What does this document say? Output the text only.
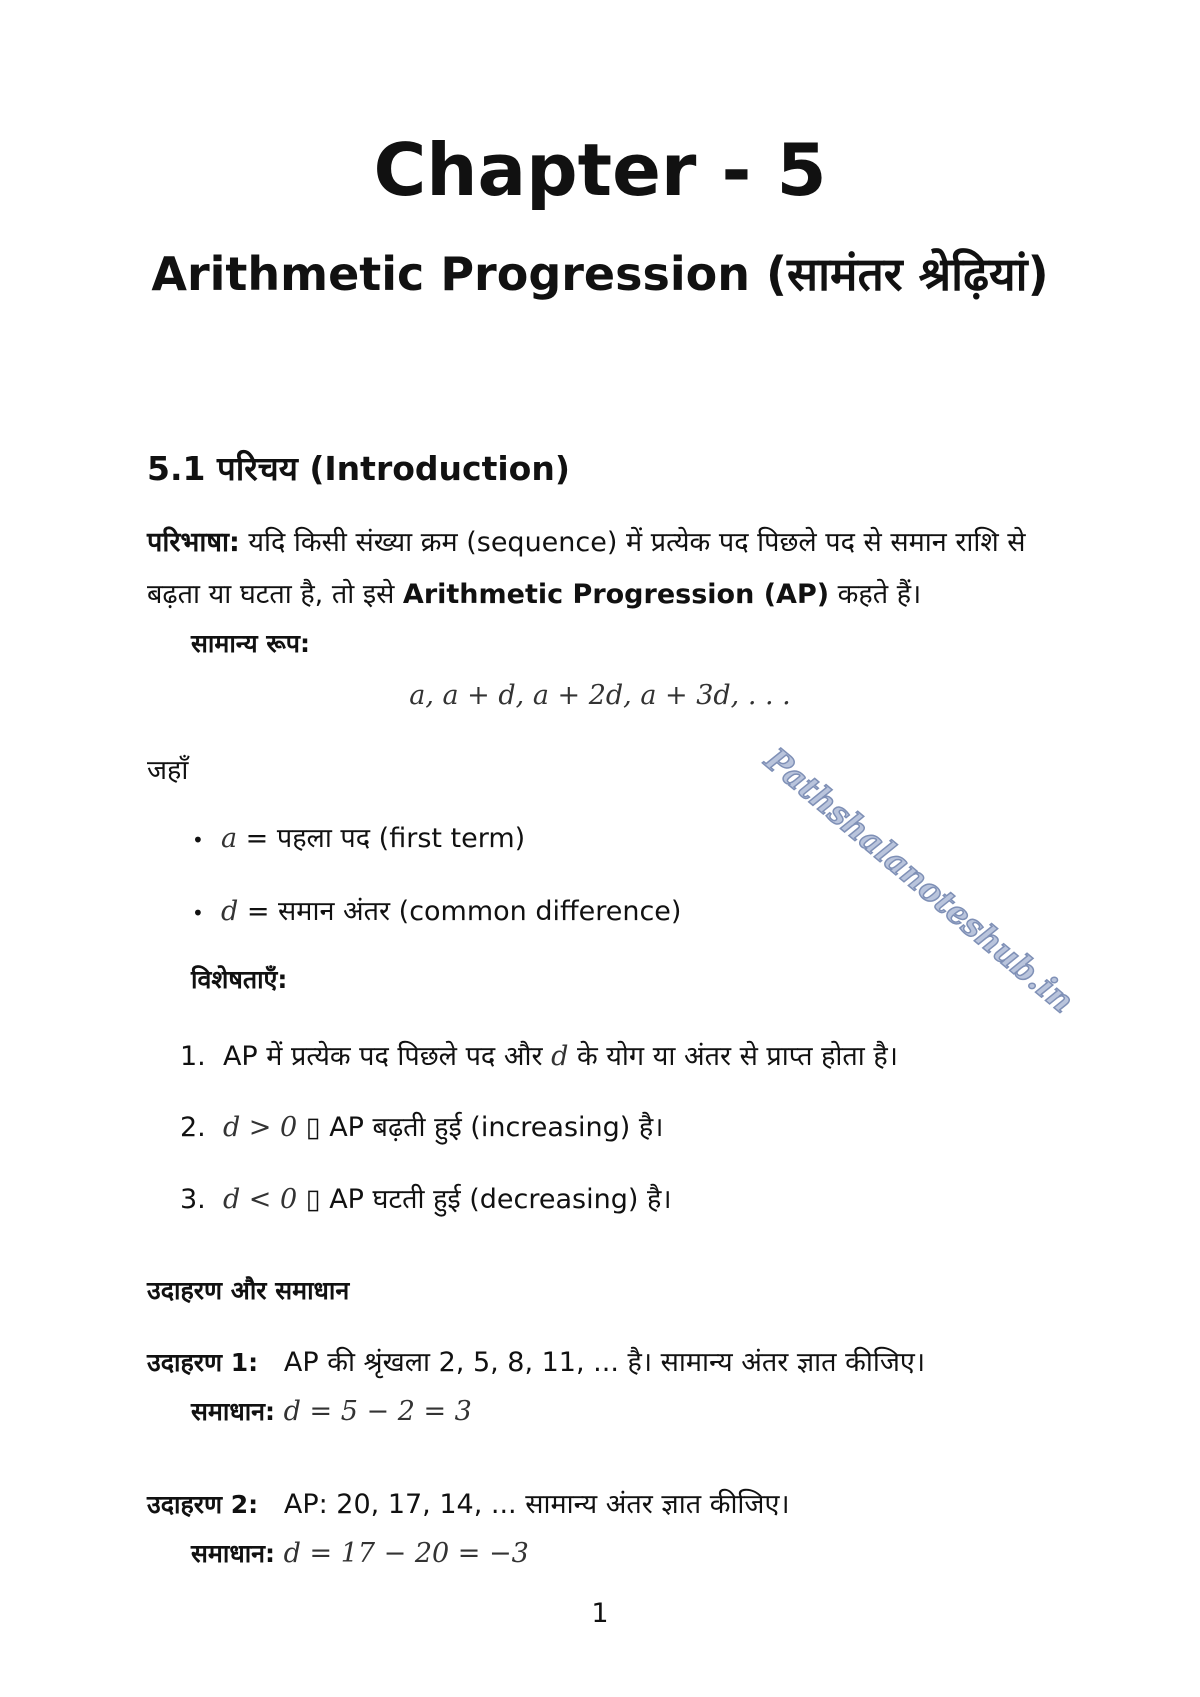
Chapter - 5
Arithmetic Progression (सामंतर श्रेढ़ियां)
5.1 परिचय (Introduction)
परिभाषा: यदि किसी संख्या क्रम (sequence) में प्रत्येक पद पिछले पद से समान राशि से
बढ़ता या घटता है, तो इसे Arithmetic Progression (AP) कहते हैं।
सामान्य रूप:
a, a + d, a + 2d, a + 3d, . . .
जहाँ
• a = पहला पद (first term)
• d = समान अंतर (common difference)
विशेषताएँ:
1. AP में प्रत्येक पद पिछले पद और d के योग या अंतर से प्राप्त होता है।
2. d > 0 ▯ AP बढ़ती हुई (increasing) है।
3. d < 0 ▯ AP घटती हुई (decreasing) है।
उदाहरण और समाधान
उदाहरण 1: AP की श्रृंखला 2, 5, 8, 11, ... है। सामान्य अंतर ज्ञात कीजिए।
समाधान: d = 5 − 2 = 3
उदाहरण 2: AP: 20, 17, 14, ... सामान्य अंतर ज्ञात कीजिए।
समाधान: d = 17 − 20 = −3
Pathshalanoteshub.in
1
